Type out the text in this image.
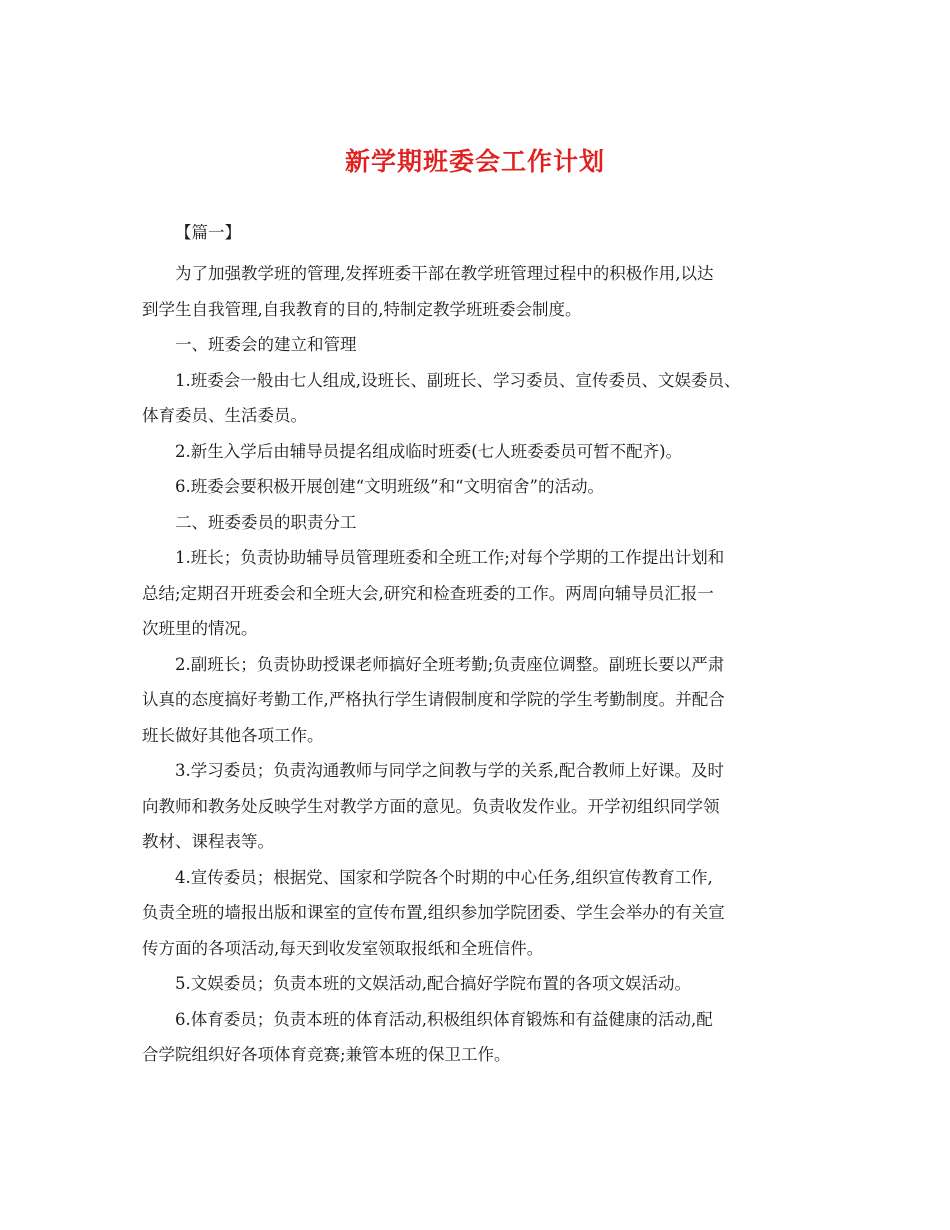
新学期班委会工作计划
【篇一】

为了加强教学班的管理,发挥班委干部在教学班管理过程中的积极作用,以达
到学生自我管理,自我教育的目的,特制定教学班班委会制度。

一、班委会的建立和管理

1.班委会一般由七人组成,设班长、副班长、学习委员、宣传委员、文娱委员、
体育委员、生活委员。

2.新生入学后由辅导员提名组成临时班委(七人班委委员可暂不配齐)。

6.班委会要积极开展创建“文明班级”和“文明宿舍”的活动。

二、班委委员的职责分工

1.班长；负责协助辅导员管理班委和全班工作;对每个学期的工作提出计划和
总结;定期召开班委会和全班大会,研究和检查班委的工作。两周向辅导员汇报一
次班里的情况。

2.副班长；负责协助授课老师搞好全班考勤;负责座位调整。副班长要以严肃
认真的态度搞好考勤工作,严格执行学生请假制度和学院的学生考勤制度。并配合
班长做好其他各项工作。

3.学习委员；负责沟通教师与同学之间教与学的关系,配合教师上好课。及时
向教师和教务处反映学生对教学方面的意见。负责收发作业。开学初组织同学领
教材、课程表等。

4.宣传委员；根据党、国家和学院各个时期的中心任务,组织宣传教育工作,
负责全班的墙报出版和课室的宣传布置,组织参加学院团委、学生会举办的有关宣
传方面的各项活动,每天到收发室领取报纸和全班信件。

5.文娱委员；负责本班的文娱活动,配合搞好学院布置的各项文娱活动。

6.体育委员；负责本班的体育活动,积极组织体育锻炼和有益健康的活动,配
合学院组织好各项体育竞赛;兼管本班的保卫工作。
